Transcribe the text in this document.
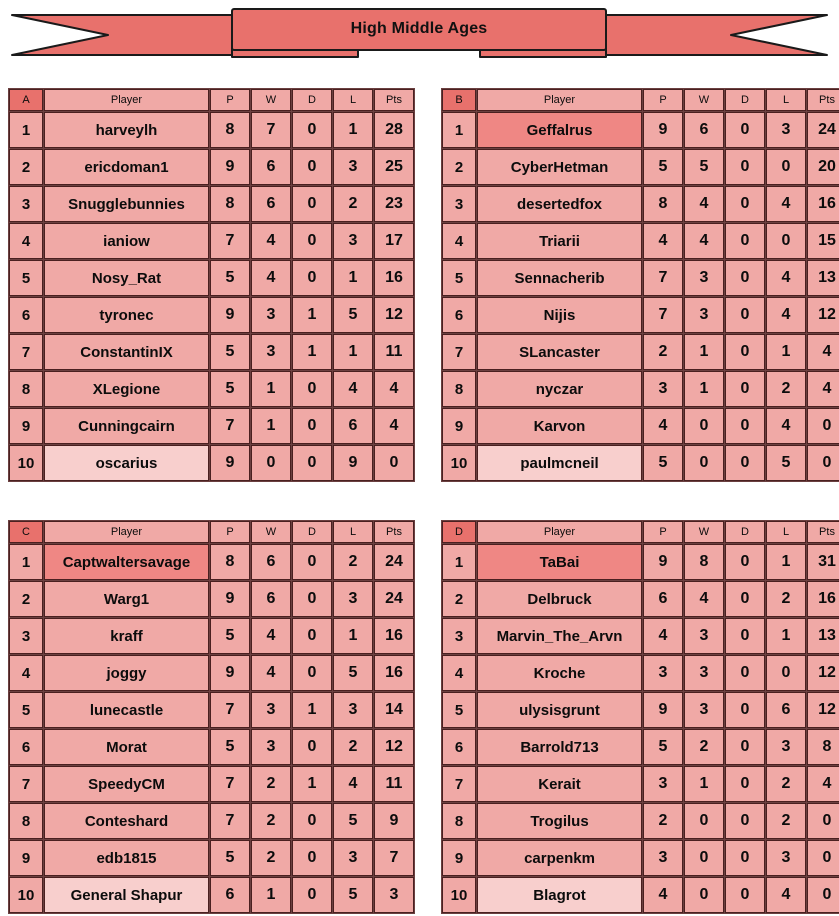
High Middle Ages
A	Player	P	W	D	L	Pts
1	harveylh	8	7	0	1	28
2	ericdoman1	9	6	0	3	25
3	Snugglebunnies	8	6	0	2	23
4	ianiow	7	4	0	3	17
5	Nosy_Rat	5	4	0	1	16
6	tyronec	9	3	1	5	12
7	ConstantinIX	5	3	1	1	11
8	XLegione	5	1	0	4	4
9	Cunningcairn	7	1	0	6	4
10	oscarius	9	0	0	9	0
B	Player	P	W	D	L	Pts
1	Geffalrus	9	6	0	3	24
2	CyberHetman	5	5	0	0	20
3	desertedfox	8	4	0	4	16
4	Triarii	4	4	0	0	15
5	Sennacherib	7	3	0	4	13
6	Nijis	7	3	0	4	12
7	SLancaster	2	1	0	1	4
8	nyczar	3	1	0	2	4
9	Karvon	4	0	0	4	0
10	paulmcneil	5	0	0	5	0
C	Player	P	W	D	L	Pts
1	Captwaltersavage	8	6	0	2	24
2	Warg1	9	6	0	3	24
3	kraff	5	4	0	1	16
4	joggy	9	4	0	5	16
5	lunecastle	7	3	1	3	14
6	Morat	5	3	0	2	12
7	SpeedyCM	7	2	1	4	11
8	Conteshard	7	2	0	5	9
9	edb1815	5	2	0	3	7
10	General Shapur	6	1	0	5	3
D	Player	P	W	D	L	Pts
1	TaBai	9	8	0	1	31
2	Delbruck	6	4	0	2	16
3	Marvin_The_Arvn	4	3	0	1	13
4	Kroche	3	3	0	0	12
5	ulysisgrunt	9	3	0	6	12
6	Barrold713	5	2	0	3	8
7	Kerait	3	1	0	2	4
8	Trogilus	2	0	0	2	0
9	carpenkm	3	0	0	3	0
10	Blagrot	4	0	0	4	0
